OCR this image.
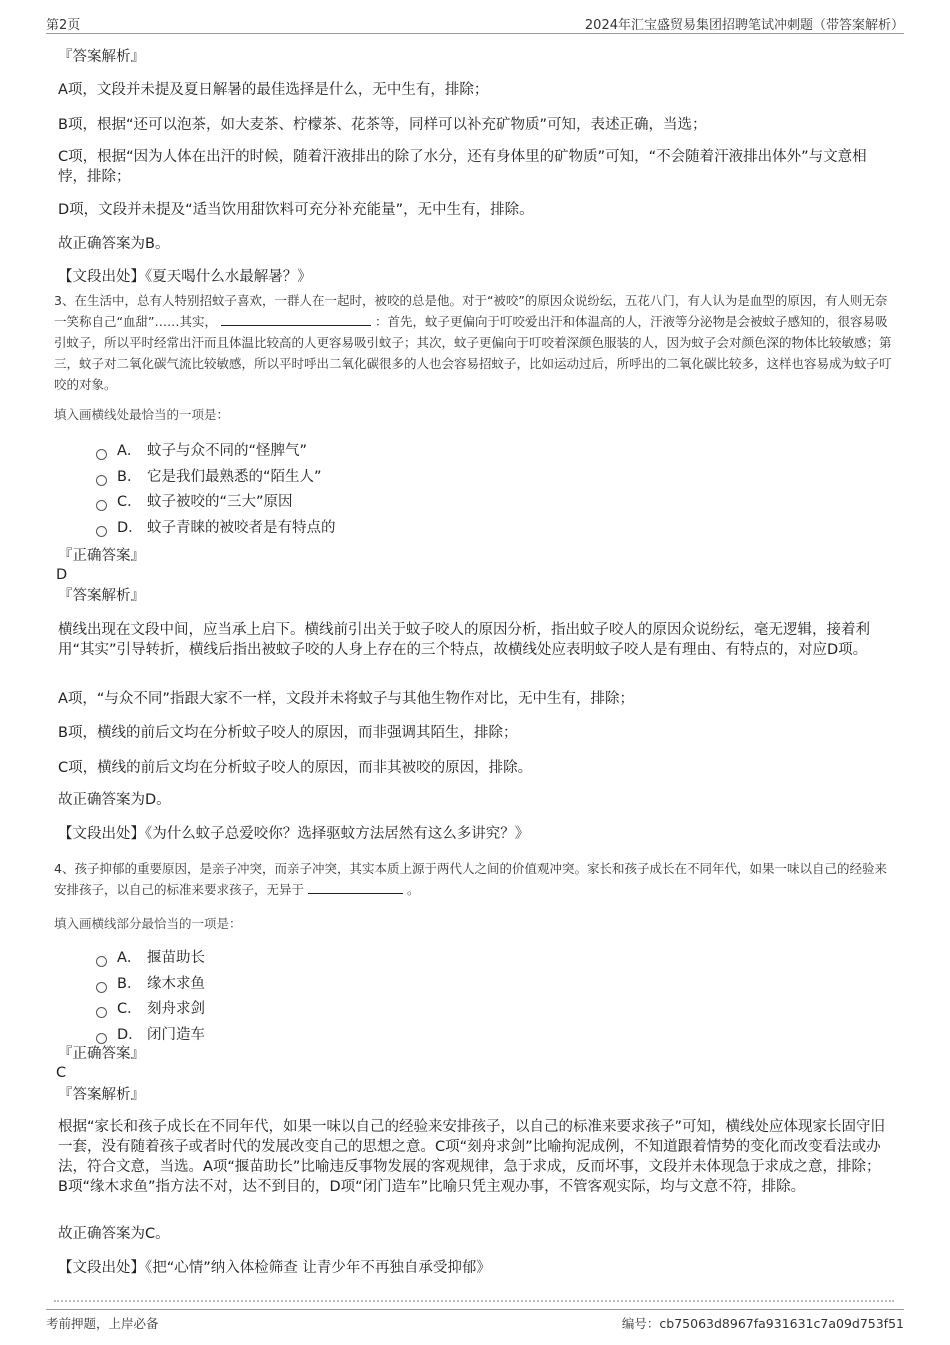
第2页	2024年汇宝盛贸易集团招聘笔试冲刺题（带答案解析）

『答案解析』

A项，文段并未提及夏日解暑的最佳选择是什么，无中生有，排除；

B项，根据“还可以泡茶，如大麦茶、柠檬茶、花茶等，同样可以补充矿物质”可知，表述正确，当选；

C项，根据“因为人体在出汗的时候，随着汗液排出的除了水分，还有身体里的矿物质”可知，“不会随着汗液排出体外”与文意相悖，排除；

D项，文段并未提及“适当饮用甜饮料可充分补充能量”，无中生有，排除。

故正确答案为B。

【文段出处】《夏天喝什么水最解暑？》

3、在生活中，总有人特别招蚊子喜欢，一群人在一起时，被咬的总是他。对于“被咬”的原因众说纷纭，五花八门，有人认为是血型的原因，有人则无奈一笑称自己“血甜”……其实，	：首先，蚊子更偏向于叮咬爱出汗和体温高的人，汗液等分泌物是会被蚊子感知的，很容易吸引蚊子，所以平时经常出汗而且体温比较高的人更容易吸引蚊子；其次，蚊子更偏向于叮咬着深颜色服装的人，因为蚊子会对颜色深的物体比较敏感；第三，蚊子对二氧化碳气流比较敏感，所以平时呼出二氧化碳很多的人也会容易招蚊子，比如运动过后，所呼出的二氧化碳比较多，这样也容易成为蚊子叮咬的对象。

填入画横线处最恰当的一项是：
A． 蚊子与众不同的“怪脾气”
B． 它是我们最熟悉的“陌生人”
C． 蚊子被咬的“三大”原因
D． 蚊子青睐的被咬者是有特点的

『正确答案』

D

『答案解析』

横线出现在文段中间，应当承上启下。横线前引出关于蚊子咬人的原因分析，指出蚊子咬人的原因众说纷纭，毫无逻辑，接着利用“其实”引导转折，横线后指出被蚊子咬的人身上存在的三个特点，故横线处应表明蚊子咬人是有理由、有特点的，对应D项。

A项，“与众不同”指跟大家不一样，文段并未将蚊子与其他生物作对比，无中生有，排除；

B项，横线的前后文均在分析蚊子咬人的原因，而非强调其陌生，排除；

C项，横线的前后文均在分析蚊子咬人的原因，而非其被咬的原因，排除。

故正确答案为D。

【文段出处】《为什么蚊子总爱咬你？选择驱蚊方法居然有这么多讲究？》

4、孩子抑郁的重要原因，是亲子冲突，而亲子冲突，其实本质上源于两代人之间的价值观冲突。家长和孩子成长在不同年代，如果一味以自己的经验来安排孩子，以自己的标准来要求孩子，无异于	。

填入画横线部分最恰当的一项是：
A． 揠苗助长
B． 缘木求鱼
C． 刻舟求剑
D． 闭门造车

『正确答案』

C

『答案解析』

根据“家长和孩子成长在不同年代，如果一味以自己的经验来安排孩子，以自己的标准来要求孩子”可知，横线处应体现家长固守旧一套，没有随着孩子或者时代的发展改变自己的思想之意。C项“刻舟求剑”比喻拘泥成例，不知道跟着情势的变化而改变看法或办法，符合文意，当选。A项“揠苗助长”比喻违反事物发展的客观规律，急于求成，反而坏事，文段并未体现急于求成之意，排除；B项“缘木求鱼”指方法不对，达不到目的，D项“闭门造车”比喻只凭主观办事，不管客观实际，均与文意不符，排除。

故正确答案为C。

【文段出处】《把“心情”纳入体检筛查 让青少年不再独自承受抑郁》

考前押题，上岸必备	编号：cb75063d8967fa931631c7a09d753f51
